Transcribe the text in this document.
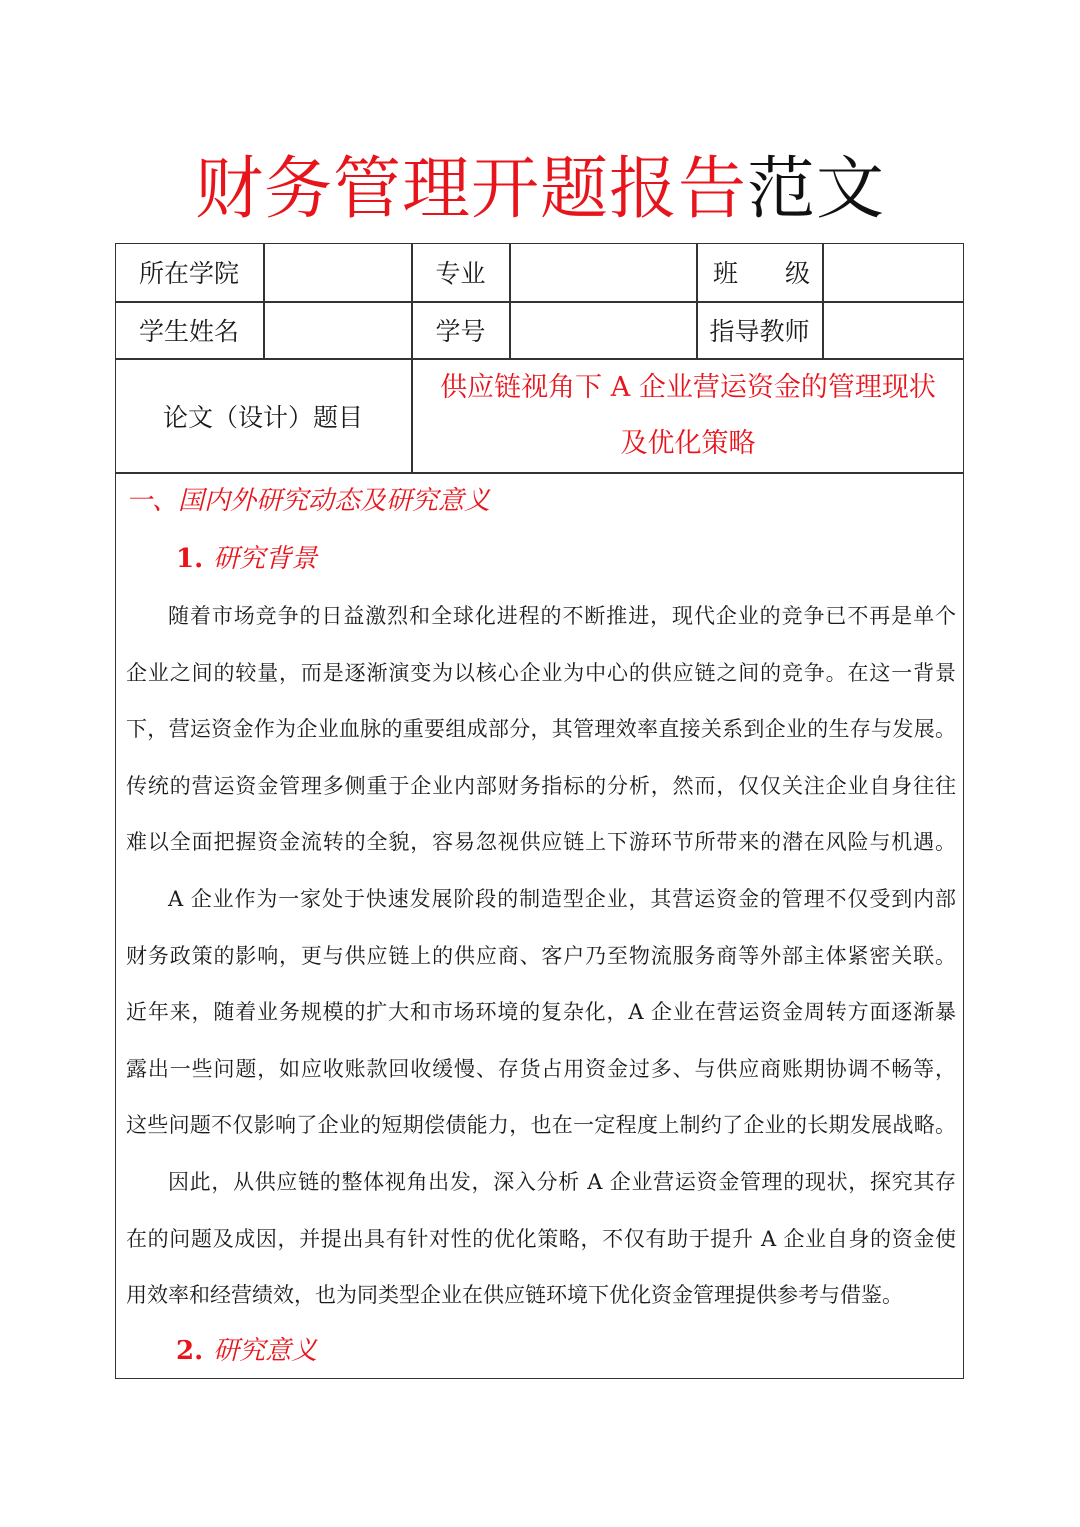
财务管理开题报告范文
所在学院	专业	班 级
学生姓名	学号	指导教师
论文（设计）题目
供应链视角下 A 企业营运资金的管理现状
及优化策略
一、国内外研究动态及研究意义
1. 研究背景
随着市场竞争的日益激烈和全球化进程的不断推进，现代企业的竞争已不再是单个
企业之间的较量，而是逐渐演变为以核心企业为中心的供应链之间的竞争。在这一背景
下，营运资金作为企业血脉的重要组成部分，其管理效率直接关系到企业的生存与发展。
传统的营运资金管理多侧重于企业内部财务指标的分析，然而，仅仅关注企业自身往往
难以全面把握资金流转的全貌，容易忽视供应链上下游环节所带来的潜在风险与机遇。
A 企业作为一家处于快速发展阶段的制造型企业，其营运资金的管理不仅受到内部
财务政策的影响，更与供应链上的供应商、客户乃至物流服务商等外部主体紧密关联。
近年来，随着业务规模的扩大和市场环境的复杂化，A 企业在营运资金周转方面逐渐暴
露出一些问题，如应收账款回收缓慢、存货占用资金过多、与供应商账期协调不畅等，
这些问题不仅影响了企业的短期偿债能力，也在一定程度上制约了企业的长期发展战略。
因此，从供应链的整体视角出发，深入分析 A 企业营运资金管理的现状，探究其存
在的问题及成因，并提出具有针对性的优化策略，不仅有助于提升 A 企业自身的资金使
用效率和经营绩效，也为同类型企业在供应链环境下优化资金管理提供参考与借鉴。
2. 研究意义
